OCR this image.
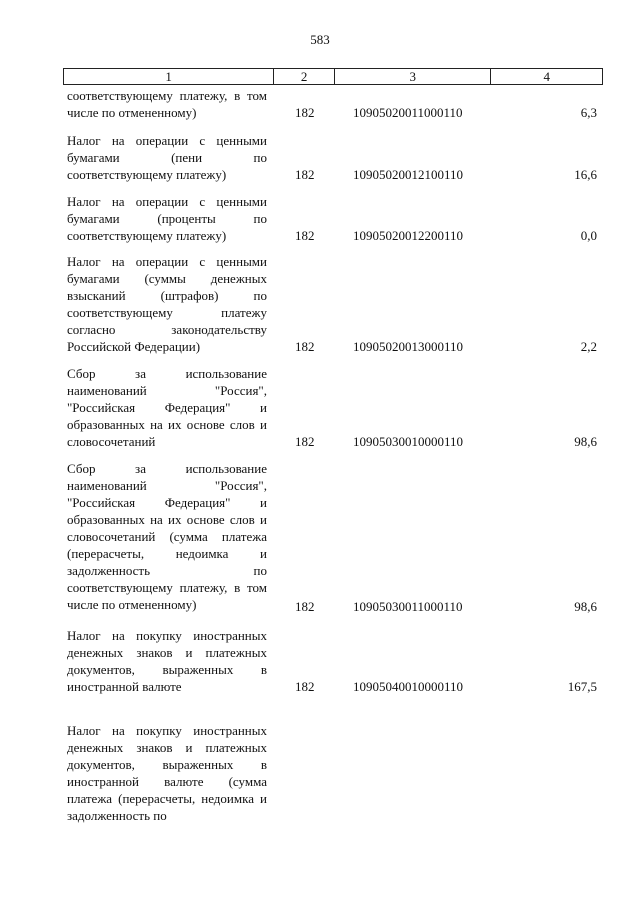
583
1	2	3	4
соответствующему платежу, в том числе по отмененному)	182	10905020011000110	6,3
Налог на операции с ценными бумагами (пени по соответствующему платежу)	182	10905020012100110	16,6
Налог на операции с ценными бумагами (проценты по соответствующему платежу)	182	10905020012200110	0,0
Налог на операции с ценными бумагами (суммы денежных взысканий (штрафов) по соответствующему платежу согласно законодательству Российской Федерации)	182	10905020013000110	2,2
Сбор за использование наименований "Россия", "Российская Федерация" и образованных на их основе слов и словосочетаний	182	10905030010000110	98,6
Сбор за использование наименований "Россия", "Российская Федерация" и образованных на их основе слов и словосочетаний (сумма платежа (перерасчеты, недоимка и задолженность по соответствующему платежу, в том числе по отмененному)	182	10905030011000110	98,6
Налог на покупку иностранных денежных знаков и платежных документов, выраженных в иностранной валюте	182	10905040010000110	167,5
Налог на покупку иностранных денежных знаков и платежных документов, выраженных в иностранной валюте (сумма платежа (перерасчеты, недоимка и задолженность по
